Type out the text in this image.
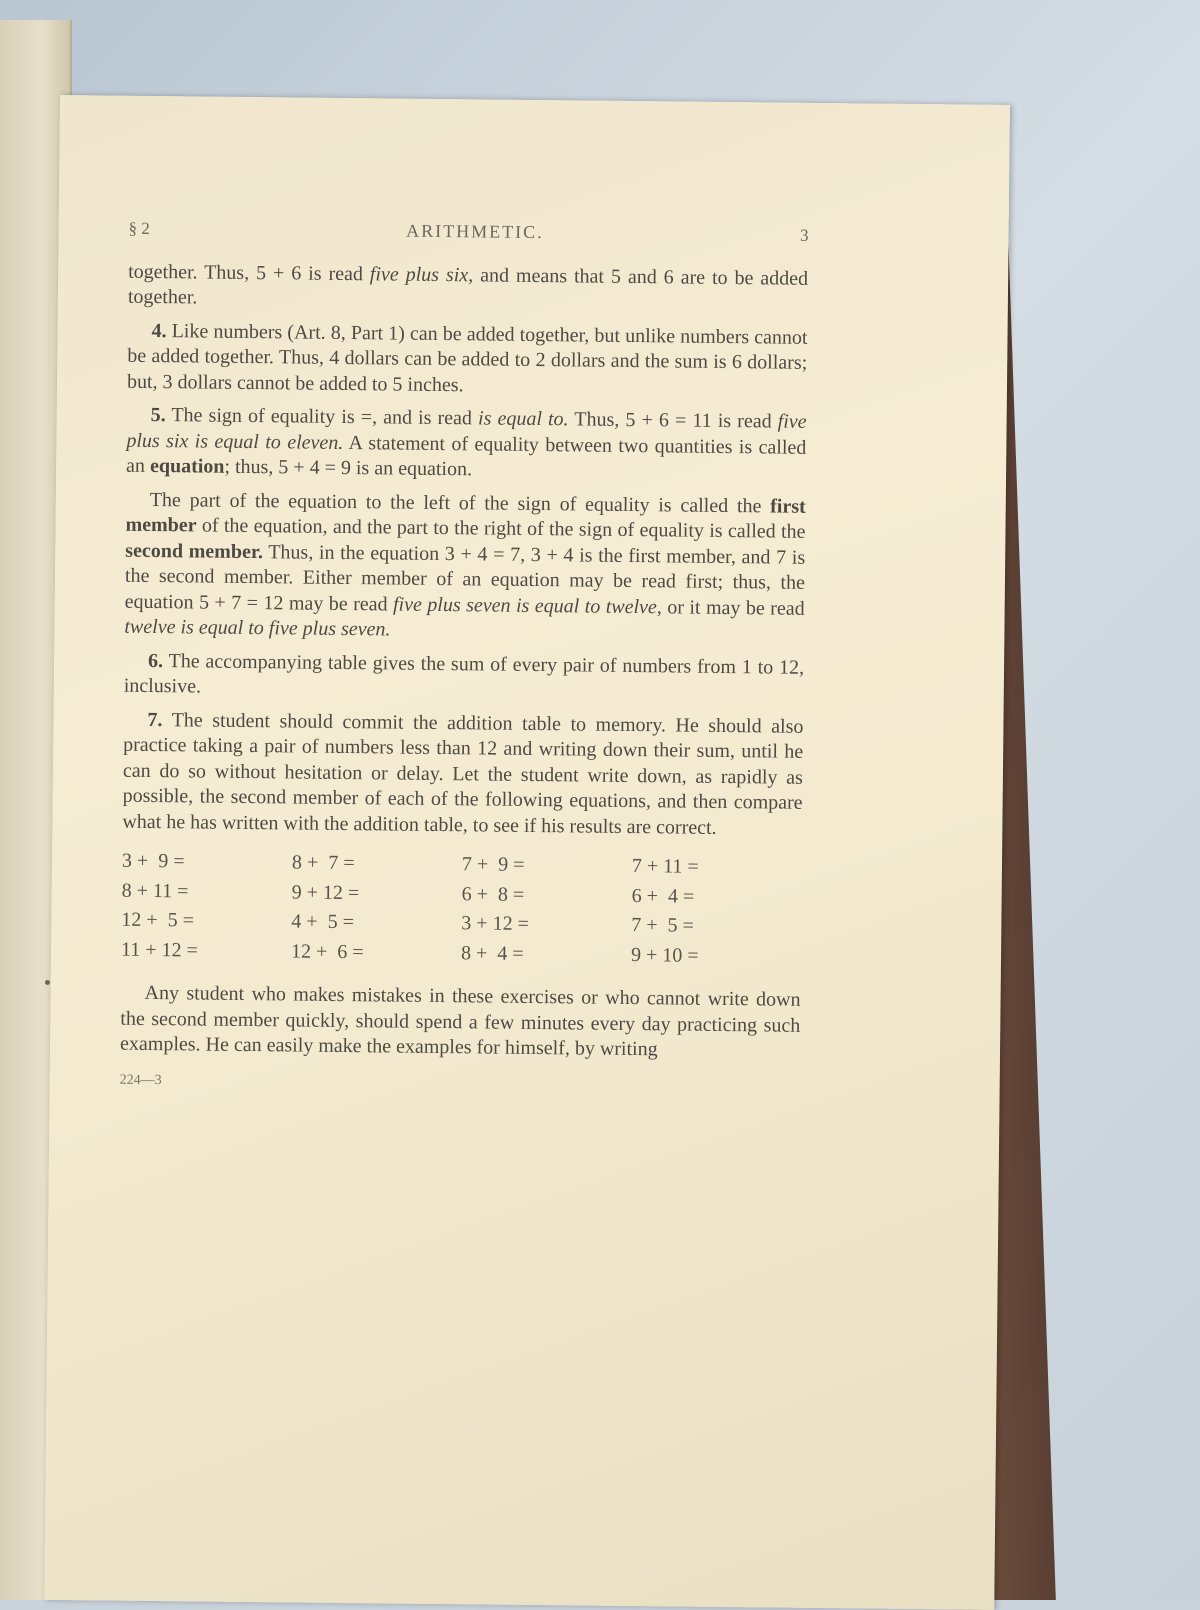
§ 2	ARITHMETIC.	3

together. Thus, 5 + 6 is read five plus six, and means that 5 and 6 are to be added together.

4. Like numbers (Art. 8, Part 1) can be added together, but unlike numbers cannot be added together. Thus, 4 dollars can be added to 2 dollars and the sum is 6 dollars; but, 3 dollars cannot be added to 5 inches.

5. The sign of equality is =, and is read is equal to. Thus, 5 + 6 = 11 is read five plus six is equal to eleven. A statement of equality between two quantities is called an equation; thus, 5 + 4 = 9 is an equation.

The part of the equation to the left of the sign of equality is called the first member of the equation, and the part to the right of the sign of equality is called the second member. Thus, in the equation 3 + 4 = 7, 3 + 4 is the first member, and 7 is the second member. Either member of an equation may be read first; thus, the equation 5 + 7 = 12 may be read five plus seven is equal to twelve, or it may be read twelve is equal to five plus seven.

6. The accompanying table gives the sum of every pair of numbers from 1 to 12, inclusive.

7. The student should commit the addition table to memory. He should also practice taking a pair of numbers less than 12 and writing down their sum, until he can do so without hesitation or delay. Let the student write down, as rapidly as possible, the second member of each of the following equations, and then compare what he has written with the addition table, to see if his results are correct.

3 +  9 =	8 +  7 =	7 +  9 =	7 + 11 =
8 + 11 =	9 + 12 =	6 +  8 =	6 +  4 =
12 +  5 =	4 +  5 =	3 + 12 =	7 +  5 =
11 + 12 =	12 +  6 =	8 +  4 =	9 + 10 =

Any student who makes mistakes in these exercises or who cannot write down the second member quickly, should spend a few minutes every day practicing such examples. He can easily make the examples for himself, by writing

224—3
